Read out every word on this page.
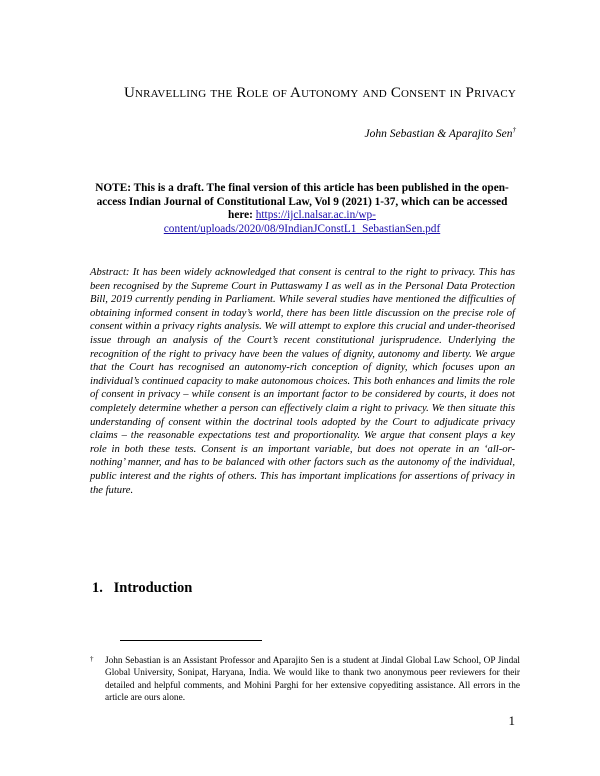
Unravelling the Role of Autonomy and Consent in Privacy
John Sebastian & Aparajito Sen†
NOTE: This is a draft. The final version of this article has been published in the open-access Indian Journal of Constitutional Law, Vol 9 (2021) 1-37, which can be accessed here: https://ijcl.nalsar.ac.in/wp-content/uploads/2020/08/9IndianJConstL1_SebastianSen.pdf
Abstract: It has been widely acknowledged that consent is central to the right to privacy. This has been recognised by the Supreme Court in Puttaswamy I as well as in the Personal Data Protection Bill, 2019 currently pending in Parliament. While several studies have mentioned the difficulties of obtaining informed consent in today’s world, there has been little discussion on the precise role of consent within a privacy rights analysis. We will attempt to explore this crucial and under-theorised issue through an analysis of the Court’s recent constitutional jurisprudence. Underlying the recognition of the right to privacy have been the values of dignity, autonomy and liberty. We argue that the Court has recognised an autonomy-rich conception of dignity, which focuses upon an individual’s continued capacity to make autonomous choices. This both enhances and limits the role of consent in privacy – while consent is an important factor to be considered by courts, it does not completely determine whether a person can effectively claim a right to privacy. We then situate this understanding of consent within the doctrinal tools adopted by the Court to adjudicate privacy claims – the reasonable expectations test and proportionality. We argue that consent plays a key role in both these tests. Consent is an important variable, but does not operate in an ‘all-or-nothing’ manner, and has to be balanced with other factors such as the autonomy of the individual, public interest and the rights of others. This has important implications for assertions of privacy in the future.
1. Introduction
† John Sebastian is an Assistant Professor and Aparajito Sen is a student at Jindal Global Law School, OP Jindal Global University, Sonipat, Haryana, India. We would like to thank two anonymous peer reviewers for their detailed and helpful comments, and Mohini Parghi for her extensive copyediting assistance. All errors in the article are ours alone.
1
